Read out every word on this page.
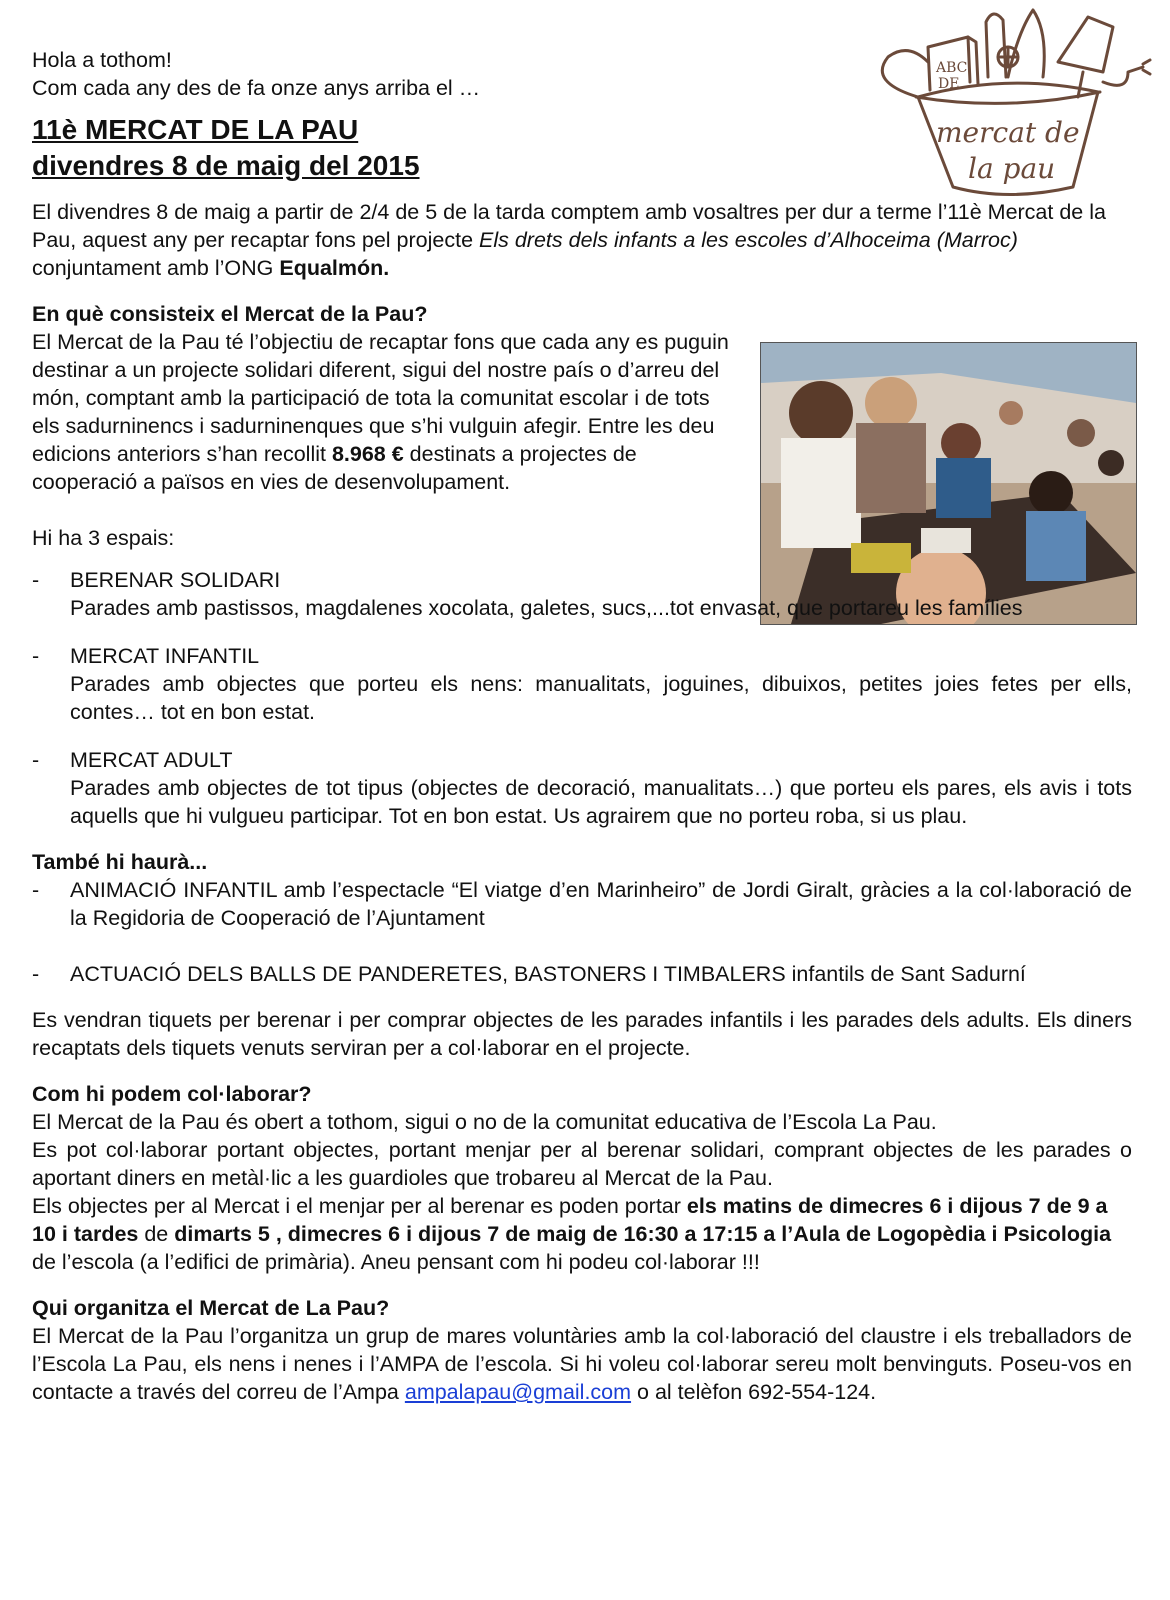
ABC
DE
mercat de
la pau

Hola a tothom!

Com cada any des de fa onze anys arriba el …

11è MERCAT DE LA PAU
divendres 8 de maig del 2015

El divendres 8 de maig a partir de 2/4 de 5 de la tarda comptem amb vosaltres per dur a terme l’11è Mercat de la Pau, aquest any per recaptar fons pel projecte Els drets dels infants a les escoles d’Alhoceima (Marroc) conjuntament amb l’ONG Equalmón.

En què consisteix el Mercat de la Pau?

El Mercat de la Pau té l’objectiu de recaptar fons que cada any es puguin destinar a un projecte solidari diferent, sigui del nostre país o d’arreu del món, comptant amb la participació de tota la comunitat escolar i de tots els sadurninencs i sadurninenques que s’hi vulguin afegir. Entre les deu edicions anteriors s’han recollit 8.968 € destinats a projectes de cooperació a països en vies de desenvolupament.

Hi ha 3 espais:

- BERENAR SOLIDARI
Parades amb pastissos, magdalenes xocolata, galetes, sucs,...tot envasat, que portareu les famílies
- MERCAT INFANTIL
Parades amb objectes que porteu els nens: manualitats, joguines, dibuixos, petites joies fetes per ells, contes… tot en bon estat.
- MERCAT ADULT
Parades amb objectes de tot tipus (objectes de decoració, manualitats…) que porteu els pares, els avis i tots aquells que hi vulgueu participar. Tot en bon estat. Us agrairem que no porteu roba, si us plau.
També hi haurà...
- ANIMACIÓ INFANTIL amb l’espectacle “El viatge d’en Marinheiro” de Jordi Giralt, gràcies a la col·laboració de la Regidoria de Cooperació de l’Ajuntament
- ACTUACIÓ DELS BALLS DE PANDERETES, BASTONERS I TIMBALERS infantils de Sant Sadurní

Es vendran tiquets per berenar i per comprar objectes de les parades infantils i les parades dels adults. Els diners recaptats dels tiquets venuts serviran per a col·laborar en el projecte.

Com hi podem col·laborar?

El Mercat de la Pau és obert a tothom, sigui o no de la comunitat educativa de l’Escola La Pau.

Es pot col·laborar portant objectes, portant menjar per al berenar solidari, comprant objectes de les parades o aportant diners en metàl·lic a les guardioles que trobareu al Mercat de la Pau.

Els objectes per al Mercat i el menjar per al berenar es poden portar els matins de dimecres 6 i dijous 7 de 9 a 10 i tardes de dimarts 5 , dimecres 6 i dijous 7 de maig de 16:30 a 17:15 a l’Aula de Logopèdia i Psicologia de l’escola (a l’edifici de primària). Aneu pensant com hi podeu col·laborar !!!

Qui organitza el Mercat de La Pau?

El Mercat de la Pau l’organitza un grup de mares voluntàries amb la col·laboració del claustre i els treballadors de l’Escola La Pau, els nens i nenes i l’AMPA de l’escola. Si hi voleu col·laborar sereu molt benvinguts. Poseu-vos en contacte a través del correu de l’Ampa ampalapau@gmail.com o al telèfon 692-554-124.
